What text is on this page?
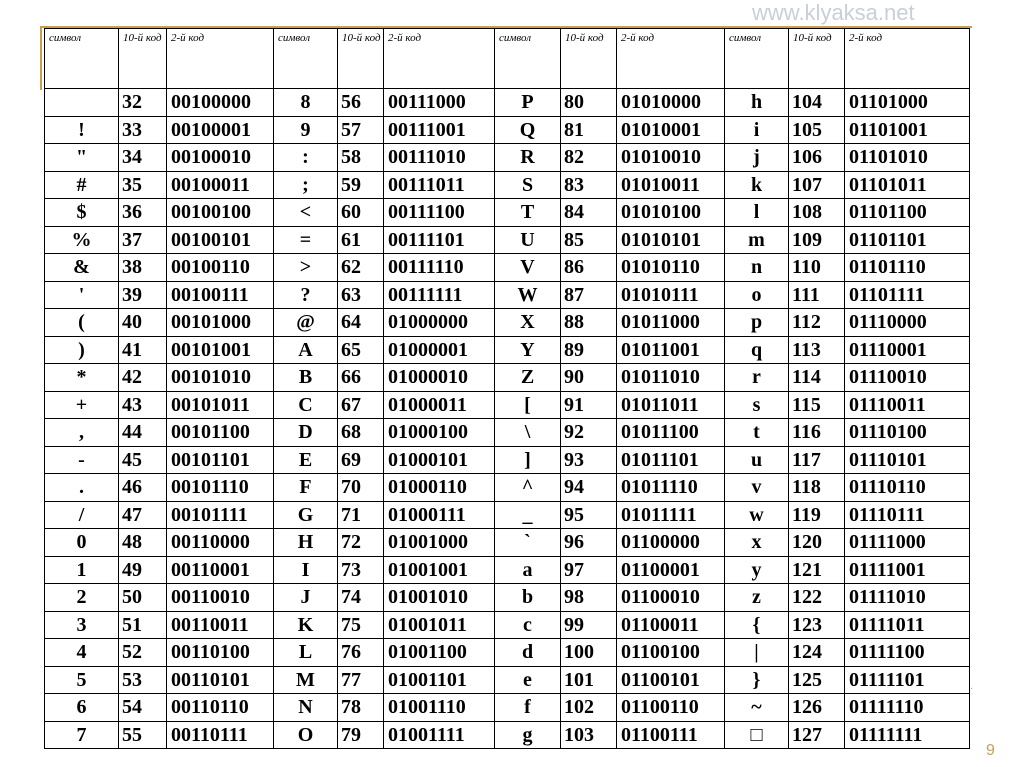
·
www.klyaksa.net
символ	10-й код	2-й код	символ	10-й код	2-й код	символ	10-й код	2-й код	символ	10-й код	2-й код
	32	00100000	8	56	00111000	P	80	01010000	h	104	01101000
!	33	00100001	9	57	00111001	Q	81	01010001	i	105	01101001
"	34	00100010	:	58	00111010	R	82	01010010	j	106	01101010
#	35	00100011	;	59	00111011	S	83	01010011	k	107	01101011
$	36	00100100	<	60	00111100	T	84	01010100	l	108	01101100
%	37	00100101	=	61	00111101	U	85	01010101	m	109	01101101
&	38	00100110	>	62	00111110	V	86	01010110	n	110	01101110
'	39	00100111	?	63	00111111	W	87	01010111	o	111	01101111
(	40	00101000	@	64	01000000	X	88	01011000	p	112	01110000
)	41	00101001	A	65	01000001	Y	89	01011001	q	113	01110001
*	42	00101010	B	66	01000010	Z	90	01011010	r	114	01110010
+	43	00101011	C	67	01000011	[	91	01011011	s	115	01110011
,	44	00101100	D	68	01000100	\	92	01011100	t	116	01110100
-	45	00101101	E	69	01000101	]	93	01011101	u	117	01110101
.	46	00101110	F	70	01000110	^	94	01011110	v	118	01110110
/	47	00101111	G	71	01000111	_	95	01011111	w	119	01110111
0	48	00110000	H	72	01001000	`	96	01100000	x	120	01111000
1	49	00110001	I	73	01001001	a	97	01100001	y	121	01111001
2	50	00110010	J	74	01001010	b	98	01100010	z	122	01111010
3	51	00110011	K	75	01001011	c	99	01100011	{	123	01111011
4	52	00110100	L	76	01001100	d	100	01100100	|	124	01111100
5	53	00110101	M	77	01001101	e	101	01100101	}	125	01111101
6	54	00110110	N	78	01001110	f	102	01100110	~	126	01111110
7	55	00110111	O	79	01001111	g	103	01100111	□	127	01111111
9
